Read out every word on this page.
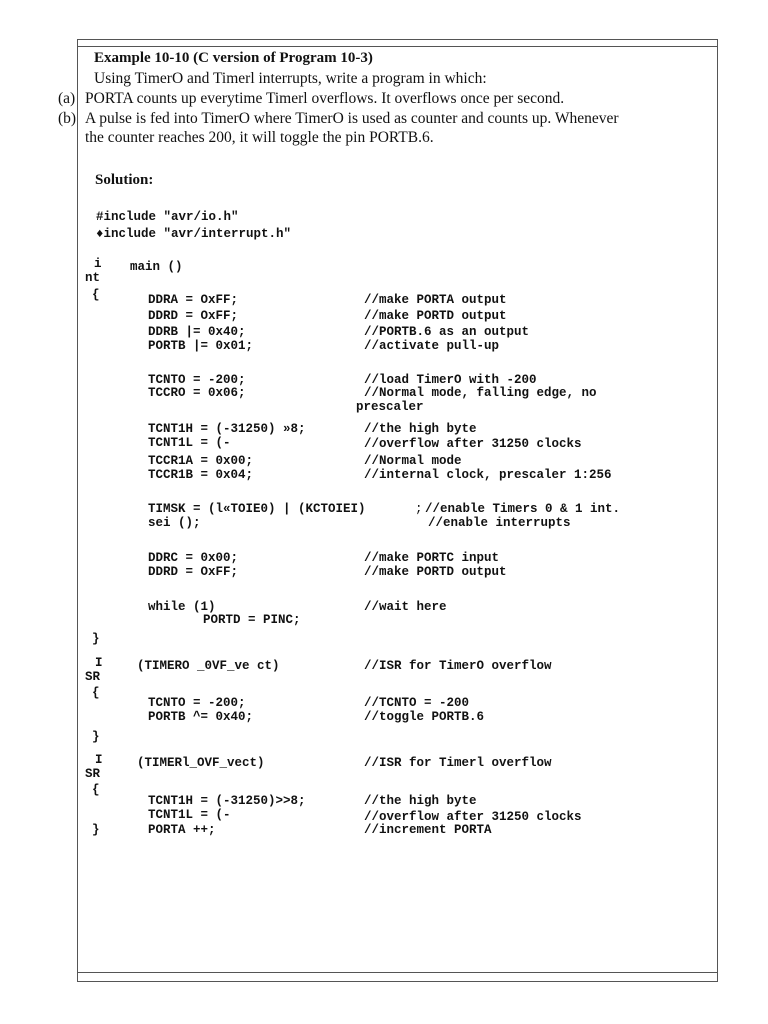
Example 10-10 (C version of Program 10-3)
Using TimerO and Timerl interrupts, write a program in which:
(a) PORTA counts up everytime Timerl overflows. It overflows once per second.
(b) A pulse is fed into TimerO where TimerO is used as counter and counts up. Whenever
the counter reaches 200, it will toggle the pin PORTB.6.
Solution:
#include "avr/io.h"
♦include "avr/interrupt.h"
i
nt
main ()
{	DDRA = OxFF;	//make PORTA output
DDRD = OxFF;	//make PORTD output
DDRB |= 0x40;	//PORTB.6 as an output
PORTB |= 0x01;	//activate pull-up
TCNTO = -200;	//load TimerO with -200
TCCRO = 0x06;	//Normal mode, falling edge, no
prescaler
TCNT1H = (-31250) »8;	//the high byte
TCNT1L = (-	//overflow after 31250 clocks
TCCR1A = 0x00;	//Normal mode
TCCR1B = 0x04;	//internal clock, prescaler 1:256
TIMSK = (l«TOIE0) | (KCTOIEI)	; //enable Timers 0 & 1 int.
sei ();	//enable interrupts
DDRC = 0x00;	//make PORTC input
DDRD = OxFF;	//make PORTD output
while (1)	//wait here
PORTD = PINC;
}
I
SR
(TIMERO _0VF_ve ct)	//ISR for TimerO overflow
{
TCNTO = -200;	//TCNTO = -200
PORTB ^= 0x40;	//toggle PORTB.6
}
I
SR
(TIMERl_OVF_vect)	//ISR for Timerl overflow
{
TCNT1H = (-31250)>>8;	//the high byte
TCNT1L = (-	//overflow after 31250 clocks
}	PORTA ++;	//increment PORTA
